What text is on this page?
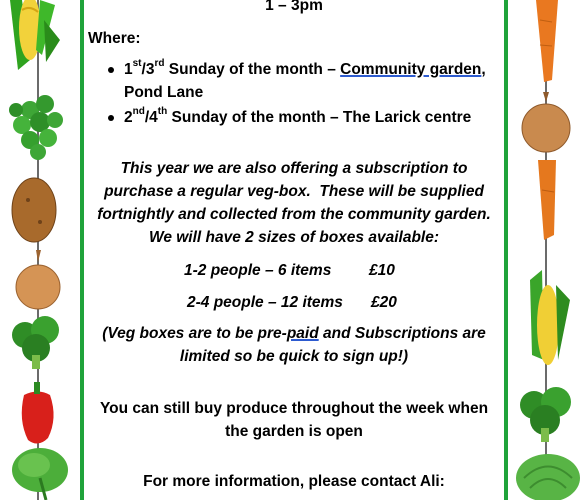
1 – 3pm
Where:
1st/3rd Sunday of the month – Community garden,
Pond Lane
2nd/4th Sunday of the month – The Larick centre
This year we are also offering a subscription to
purchase a regular veg-box.  These will be supplied
fortnightly and collected from the community garden.
We will have 2 sizes of boxes available:
1-2 people – 6 items	£10
2-4 people – 12 items	£20
(Veg boxes are to be pre-paid and Subscriptions are
limited so be quick to sign up!)
You can still buy produce throughout the week when
the garden is open
For more information, please contact Ali:
